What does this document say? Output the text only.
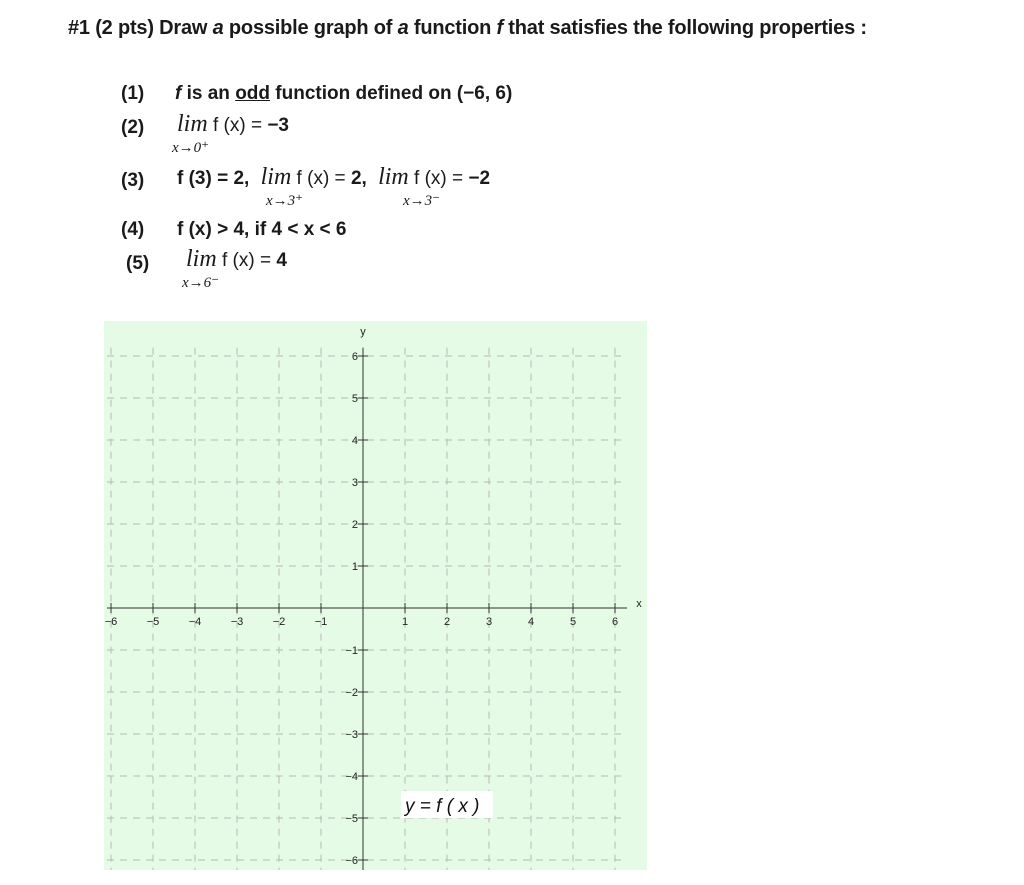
#1 (2 pts) Draw a possible graph of a function f that satisfies the following properties :
(1) f is an odd function defined on (−6, 6)
(2) lim f (x) = −3
x→0⁺
(3) f (3) = 2, lim f (x) = 2, lim f (x) = −2
x→3⁺	x→3⁻
(4) f (x) > 4, if 4 < x < 6
(5) lim f (x) = 4
x→6⁻
−6	−5	−4	−3	−2	−1	1	2	3	4	5	6
6
5
4
3
2
1
−1
−2
−3
−4
−5
−6
x
y
y = f ( x )
